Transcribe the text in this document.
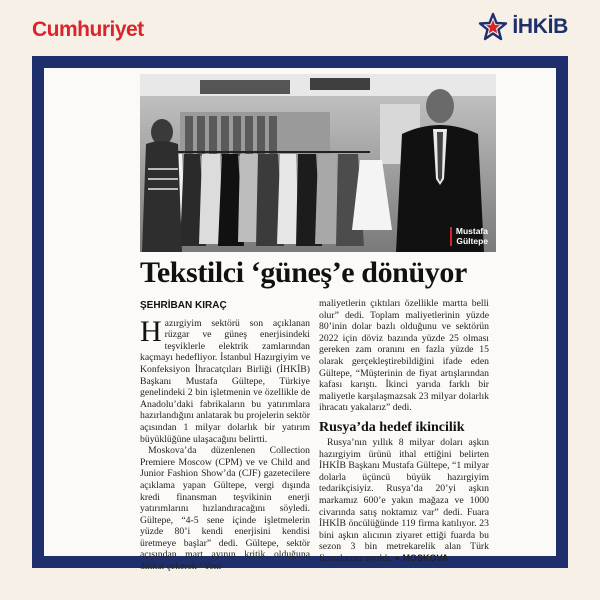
Cumhuriyet	İHKİB
Mustafa
Gültepe
Tekstilci ‘güneş’e dönüyor
ŞEHRİBAN KIRAÇ

Hazırgiyim sektörü son açıklanan rüzgar ve güneş enerjisindeki teşviklerle elektrik zamlarından kaçmayı hedefliyor. İstanbul Hazırgiyim ve Konfeksiyon İhracatçıları Birliği (İHKİB) Başkanı Mustafa Gültepe, Türkiye genelindeki 2 bin işletmenin ve özellikle de Anadolu’daki fabrikaların bu yatırımlara hazırlandığını anlatarak bu projelerin sektör açısından 1 milyar dolarlık bir yatırım büyüklüğüne ulaşacağını belirtti.

Moskova’da düzenlenen Collection Premiere Moscow (CPM) ve ve Child and Junior Fashion Show’da (CJF) gazetecilere açıklama yapan Gültepe, vergi dışında kredi finansman teşvikinin enerji yatırımlarını hızlandıracağını söyledi. Gültepe, “4-5 sene içinde işletmelerin yüzde 80’i kendi enerjisini kendisi üretmeye başlar” dedi. Gültepe, sektör açısından mart ayının kritik olduğuna dikkat çekerek “Yeni

maliyetlerin çıktıları özellikle martta belli olur” dedi. Toplam maliyetlerinin yüzde 80’inin dolar bazlı olduğunu ve sektörün 2022 için döviz bazında yüzde 25 olması gereken zam oranını en fazla yüzde 15 olarak gerçekleştirebildiğini ifade eden Gültepe, “Müşterinin de fiyat artışlarından kafası karıştı. İkinci yarıda farklı bir maliyetle karşılaşmazsak 23 milyar dolarlık ihracatı yakalarız” dedi.

Rusya’da hedef ikincilik

Rusya’nın yıllık 8 milyar doları aşkın hazırgiyim ürünü ithal ettiğini belirten İHKİB Başkanı Mustafa Gültepe, “1 milyar dolarla üçüncü büyük hazırgiyim tedarikçisiyiz. Rusya’da 20’yi aşkın markamız 600’e yakın mağaza ve 1000 civarında satış noktamız var” dedi. Fuara İHKİB öncülüğünde 119 firma katılıyor. 23 bini aşkın alıcının ziyaret ettiği fuarda bu sezon 3 bin metrekarelik alan Türk firmalarına ayrıldı. ● MOSKOVA
